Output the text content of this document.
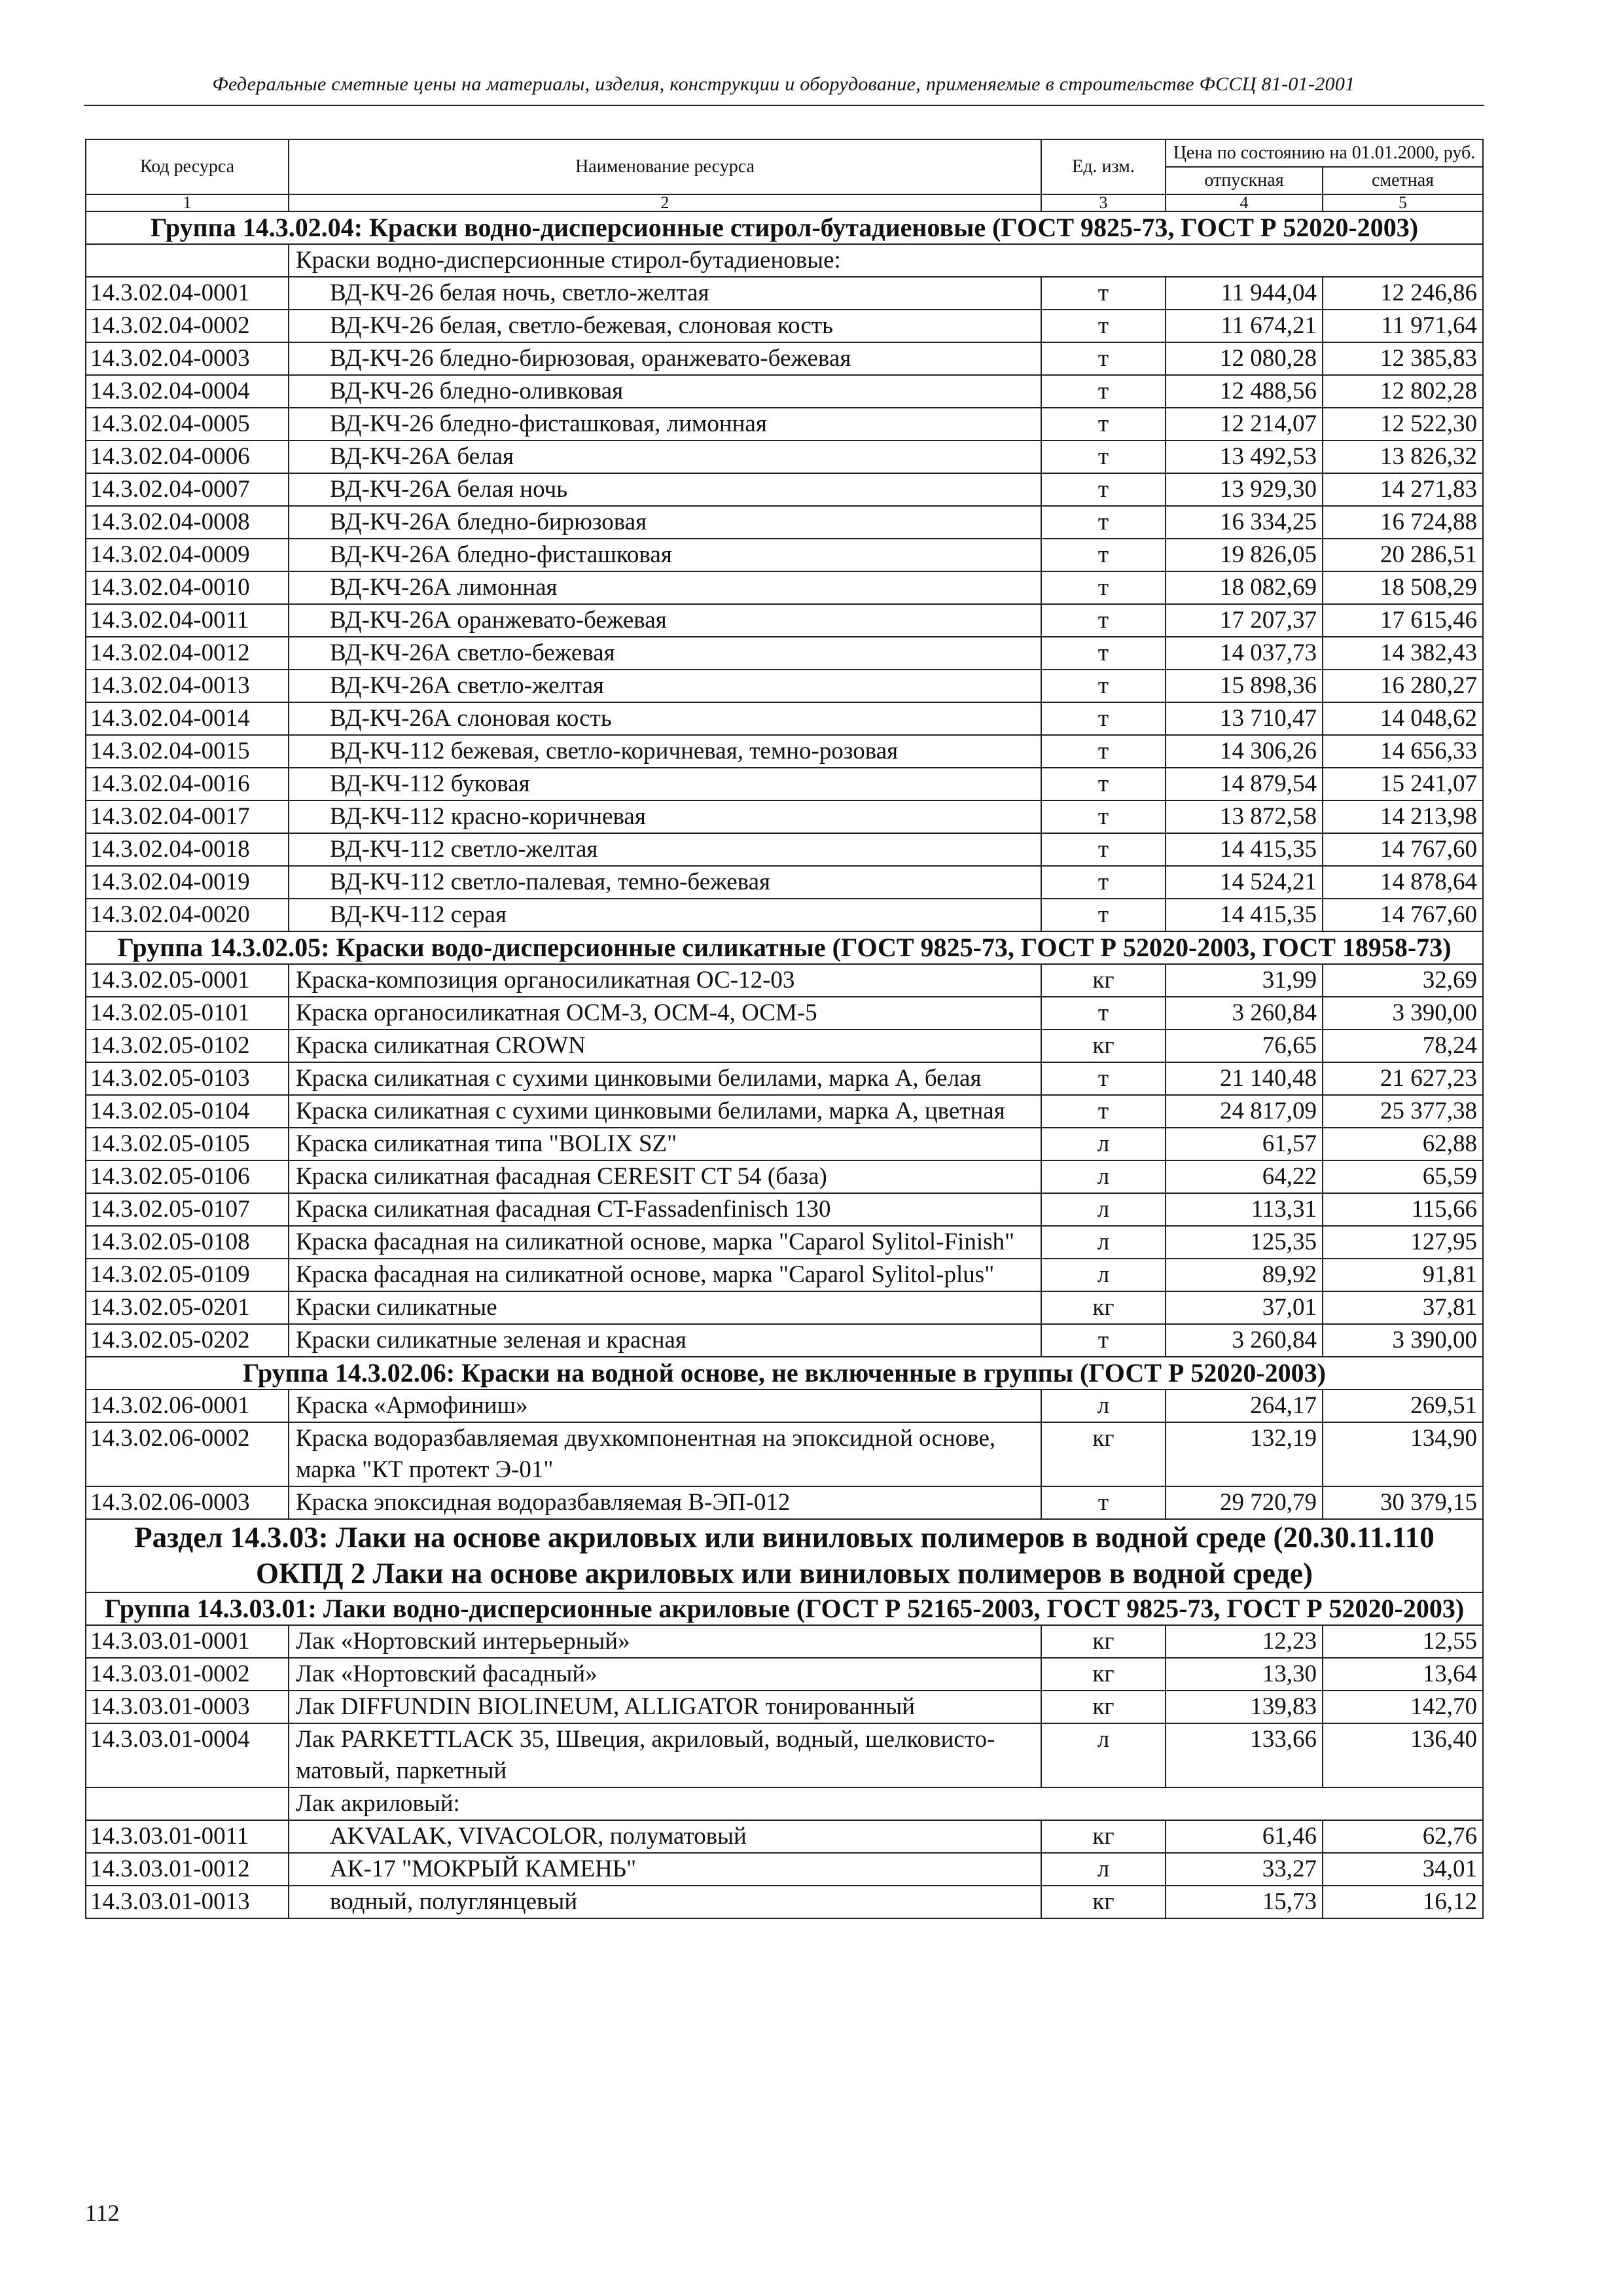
Федеральные сметные цены на материалы, изделия, конструкции и оборудование, применяемые в строительстве ФССЦ 81-01-2001
Код ресурса	Наименование ресурса	Ед. изм.	Цена по состоянию на 01.01.2000, руб.	
			отпускная	сметная
1	2	3	4	5
Группа 14.3.02.04: Краски водно-дисперсионные стирол-бутадиеновые (ГОСТ 9825-73, ГОСТ Р 52020-2003)				
	Краски водно-дисперсионные стирол-бутадиеновые:			
14.3.02.04-0001	ВД-КЧ-26 белая ночь, светло-желтая	т	11 944,04	12 246,86
14.3.02.04-0002	ВД-КЧ-26 белая, светло-бежевая, слоновая кость	т	11 674,21	11 971,64
14.3.02.04-0003	ВД-КЧ-26 бледно-бирюзовая, оранжевато-бежевая	т	12 080,28	12 385,83
14.3.02.04-0004	ВД-КЧ-26 бледно-оливковая	т	12 488,56	12 802,28
14.3.02.04-0005	ВД-КЧ-26 бледно-фисташковая, лимонная	т	12 214,07	12 522,30
14.3.02.04-0006	ВД-КЧ-26А белая	т	13 492,53	13 826,32
14.3.02.04-0007	ВД-КЧ-26А белая ночь	т	13 929,30	14 271,83
14.3.02.04-0008	ВД-КЧ-26А бледно-бирюзовая	т	16 334,25	16 724,88
14.3.02.04-0009	ВД-КЧ-26А бледно-фисташковая	т	19 826,05	20 286,51
14.3.02.04-0010	ВД-КЧ-26А лимонная	т	18 082,69	18 508,29
14.3.02.04-0011	ВД-КЧ-26А оранжевато-бежевая	т	17 207,37	17 615,46
14.3.02.04-0012	ВД-КЧ-26А светло-бежевая	т	14 037,73	14 382,43
14.3.02.04-0013	ВД-КЧ-26А светло-желтая	т	15 898,36	16 280,27
14.3.02.04-0014	ВД-КЧ-26А слоновая кость	т	13 710,47	14 048,62
14.3.02.04-0015	ВД-КЧ-112 бежевая, светло-коричневая, темно-розовая	т	14 306,26	14 656,33
14.3.02.04-0016	ВД-КЧ-112 буковая	т	14 879,54	15 241,07
14.3.02.04-0017	ВД-КЧ-112 красно-коричневая	т	13 872,58	14 213,98
14.3.02.04-0018	ВД-КЧ-112 светло-желтая	т	14 415,35	14 767,60
14.3.02.04-0019	ВД-КЧ-112 светло-палевая, темно-бежевая	т	14 524,21	14 878,64
14.3.02.04-0020	ВД-КЧ-112 серая	т	14 415,35	14 767,60
Группа 14.3.02.05: Краски водо-дисперсионные силикатные (ГОСТ 9825-73, ГОСТ Р 52020-2003, ГОСТ 18958-73)				
14.3.02.05-0001	Краска-композиция органосиликатная ОС-12-03	кг	31,99	32,69
14.3.02.05-0101	Краска органосиликатная ОСМ-3, ОСМ-4, ОСМ-5	т	3 260,84	3 390,00
14.3.02.05-0102	Краска силикатная CROWN	кг	76,65	78,24
14.3.02.05-0103	Краска силикатная с сухими цинковыми белилами, марка А, белая	т	21 140,48	21 627,23
14.3.02.05-0104	Краска силикатная с сухими цинковыми белилами, марка А, цветная	т	24 817,09	25 377,38
14.3.02.05-0105	Краска силикатная типа "BOLIX SZ"	л	61,57	62,88
14.3.02.05-0106	Краска силикатная фасадная CERESIT CT 54 (база)	л	64,22	65,59
14.3.02.05-0107	Краска силикатная фасадная CT-Fassadenfinisch 130	л	113,31	115,66
14.3.02.05-0108	Краска фасадная на силикатной основе, марка "Caparol Sylitol-Finish"	л	125,35	127,95
14.3.02.05-0109	Краска фасадная на силикатной основе, марка "Caparol Sylitol-plus"	л	89,92	91,81
14.3.02.05-0201	Краски силикатные	кг	37,01	37,81
14.3.02.05-0202	Краски силикатные зеленая и красная	т	3 260,84	3 390,00
Группа 14.3.02.06: Краски на водной основе, не включенные в группы (ГОСТ Р 52020-2003)				
14.3.02.06-0001	Краска «Армофиниш»	л	264,17	269,51
14.3.02.06-0002	Краска водоразбавляемая двухкомпонентная на эпоксидной основе, марка "КТ протект Э-01"	кг	132,19	134,90
14.3.02.06-0003	Краска эпоксидная водоразбавляемая В-ЭП-012	т	29 720,79	30 379,15
Раздел 14.3.03: Лаки на основе акриловых или виниловых полимеров в водной среде (20.30.11.110 ОКПД 2 Лаки на основе акриловых или виниловых полимеров в водной среде)				
Группа 14.3.03.01: Лаки водно-дисперсионные акриловые (ГОСТ Р 52165-2003, ГОСТ 9825-73, ГОСТ Р 52020-2003)				
14.3.03.01-0001	Лак «Нортовский интерьерный»	кг	12,23	12,55
14.3.03.01-0002	Лак «Нортовский фасадный»	кг	13,30	13,64
14.3.03.01-0003	Лак DIFFUNDIN BIOLINEUM, ALLIGATOR тонированный	кг	139,83	142,70
14.3.03.01-0004	Лак PARKETTLACK 35, Швеция, акриловый, водный, шелковисто-матовый, паркетный	л	133,66	136,40
	Лак акриловый:			
14.3.03.01-0011	AKVALAK, VIVACOLOR, полуматовый	кг	61,46	62,76
14.3.03.01-0012	АК-17 "МОКРЫЙ КАМЕНЬ"	л	33,27	34,01
14.3.03.01-0013	водный, полуглянцевый	кг	15,73	16,12
112
